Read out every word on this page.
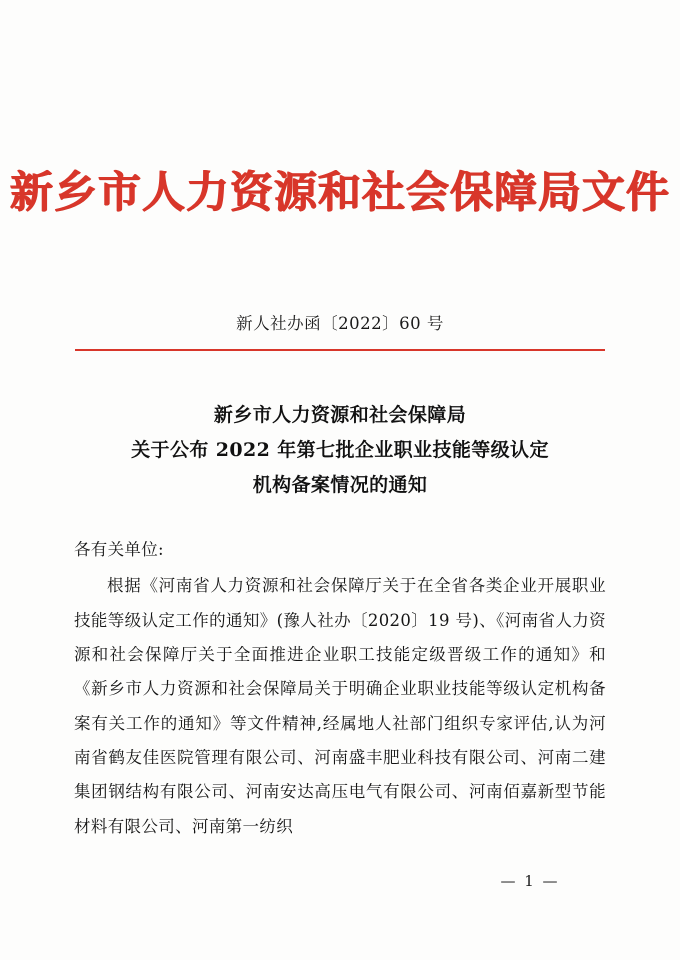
新乡市人力资源和社会保障局文件
新人社办函〔2022〕60 号
新乡市人力资源和社会保障局
关于公布 2022 年第七批企业职业技能等级认定
机构备案情况的通知
各有关单位:
根据《河南省人力资源和社会保障厅关于在全省各类企业开展职业技能等级认定工作的通知》(豫人社办〔2020〕19 号)、《河南省人力资源和社会保障厅关于全面推进企业职工技能定级晋级工作的通知》和《新乡市人力资源和社会保障局关于明确企业职业技能等级认定机构备案有关工作的通知》等文件精神,经属地人社部门组织专家评估,认为河南省鹤友佳医院管理有限公司、河南盛丰肥业科技有限公司、河南二建集团钢结构有限公司、河南安达高压电气有限公司、河南佰嘉新型节能材料有限公司、河南第一纺织
— 1 —
